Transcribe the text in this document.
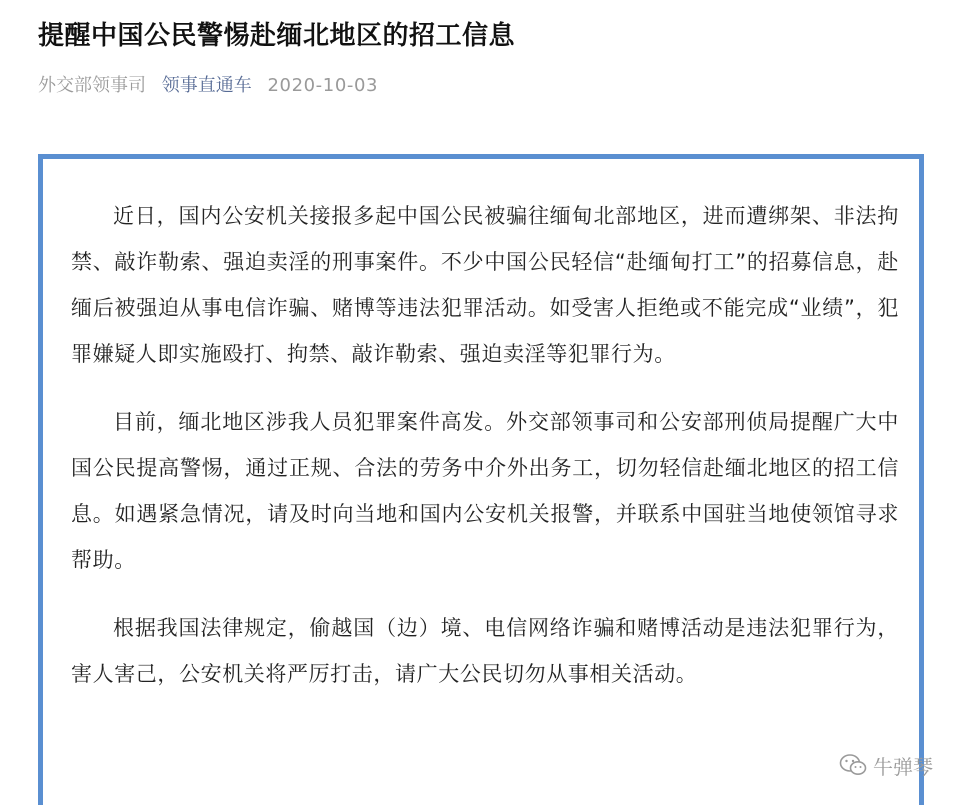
提醒中国公民警惕赴缅北地区的招工信息
外交部领事司 领事直通车 2020-10-03

近日，国内公安机关接报多起中国公民被骗往缅甸北部地区，进而遭绑架、非法拘禁、敲诈勒索、强迫卖淫的刑事案件。不少中国公民轻信“赴缅甸打工”的招募信息，赴缅后被强迫从事电信诈骗、赌博等违法犯罪活动。如受害人拒绝或不能完成“业绩”，犯罪嫌疑人即实施殴打、拘禁、敲诈勒索、强迫卖淫等犯罪行为。

目前，缅北地区涉我人员犯罪案件高发。外交部领事司和公安部刑侦局提醒广大中国公民提高警惕，通过正规、合法的劳务中介外出务工，切勿轻信赴缅北地区的招工信息。如遇紧急情况，请及时向当地和国内公安机关报警，并联系中国驻当地使领馆寻求帮助。

根据我国法律规定，偷越国（边）境、电信网络诈骗和赌博活动是违法犯罪行为，害人害己，公安机关将严厉打击，请广大公民切勿从事相关活动。

牛弹琴
